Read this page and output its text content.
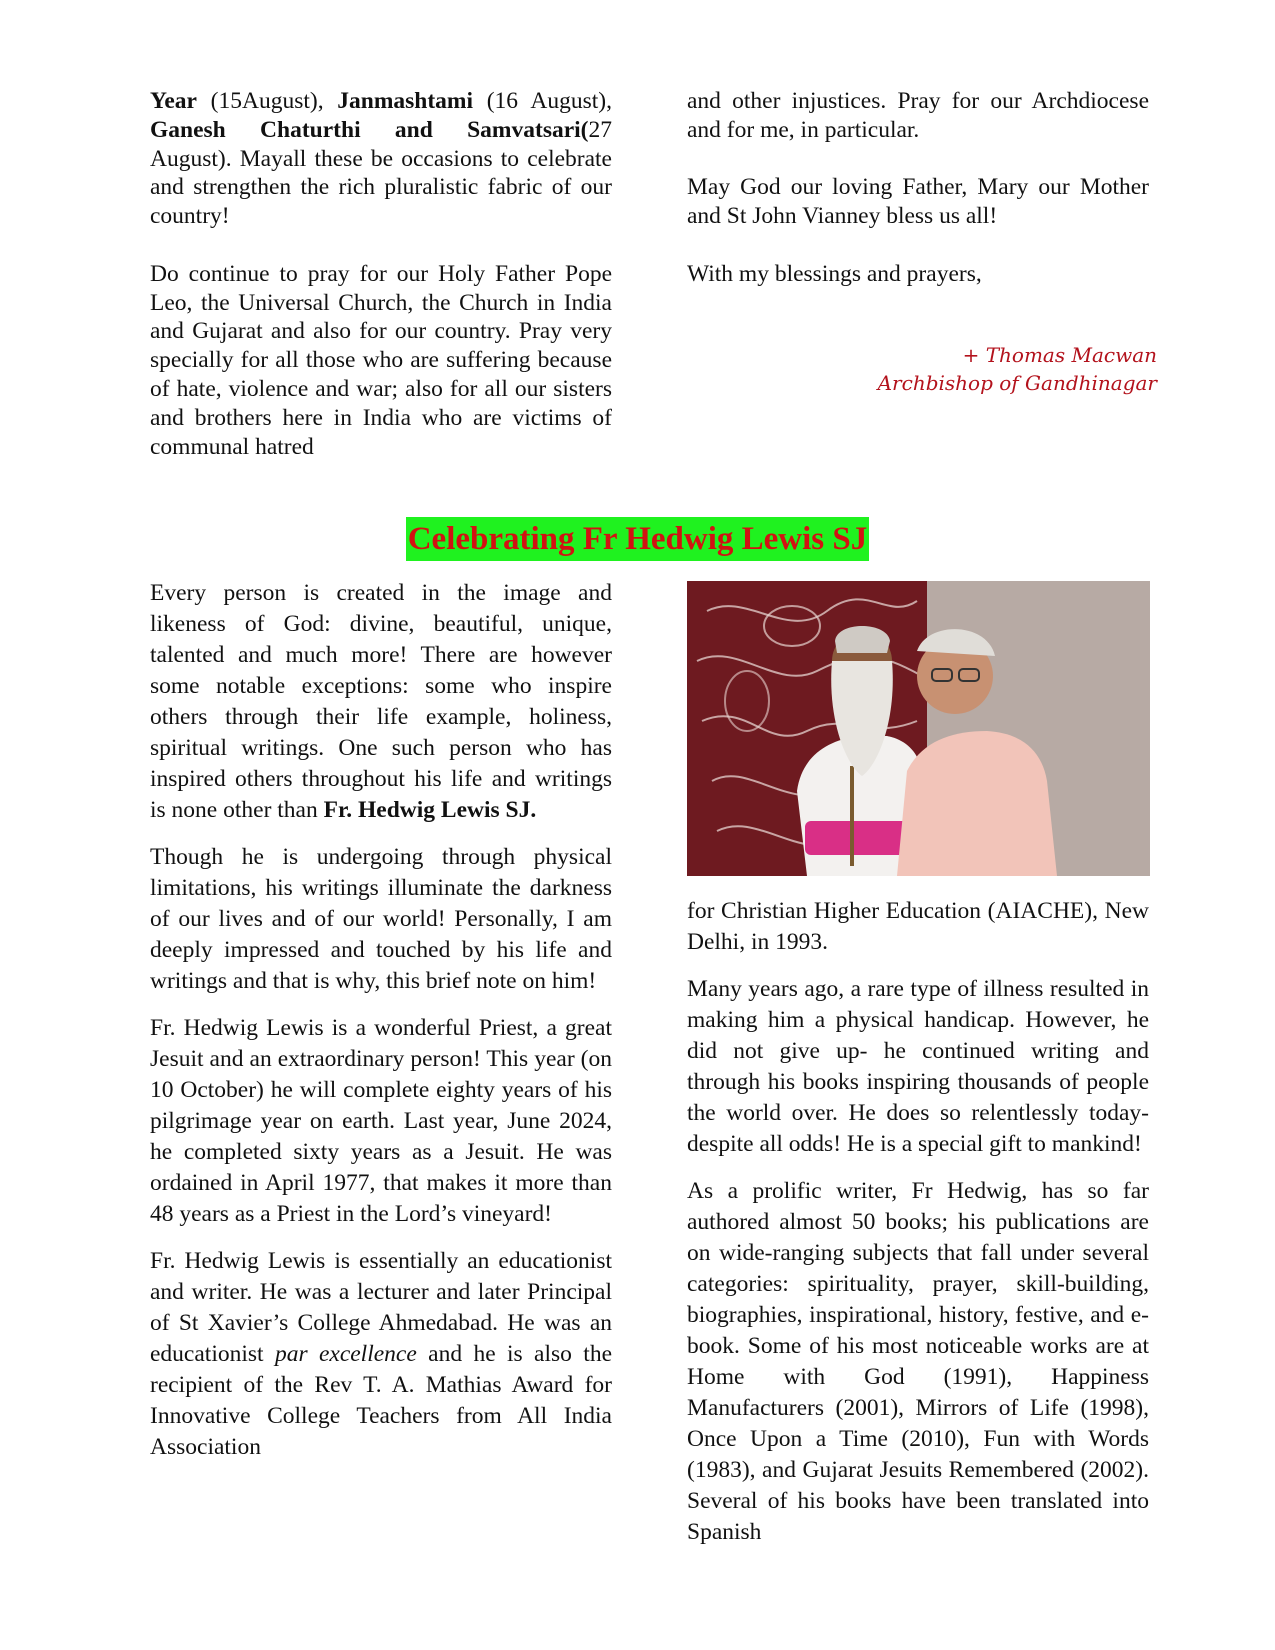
Year (15August), Janmashtami (16 August), Ganesh Chaturthi and Samvatsari(27 August). Mayall these be occasions to celebrate and strengthen the rich pluralistic fabric of our country!

Do continue to pray for our Holy Father Pope Leo, the Universal Church, the Church in India and Gujarat and also for our country. Pray very specially for all those who are suffering because of hate, violence and war; also for all our sisters and brothers here in India who are victims of communal hatred

and other injustices. Pray for our Archdiocese and for me, in particular.

May God our loving Father, Mary our Mother and St John Vianney bless us all!

With my blessings and prayers,

+ Thomas Macwan
Archbishop of Gandhinagar
Celebrating Fr Hedwig Lewis SJ

Every person is created in the image and likeness of God: divine, beautiful, unique, talented and much more! There are however some notable exceptions: some who inspire others through their life example, holiness, spiritual writings. One such person who has inspired others throughout his life and writings is none other than Fr. Hedwig Lewis SJ.

Though he is undergoing through physical limitations, his writings illuminate the darkness of our lives and of our world! Personally, I am deeply impressed and touched by his life and writings and that is why, this brief note on him!

Fr. Hedwig Lewis is a wonderful Priest, a great Jesuit and an extraordinary person! This year (on 10 October) he will complete eighty years of his pilgrimage year on earth. Last year, June 2024, he completed sixty years as a Jesuit. He was ordained in April 1977, that makes it more than 48 years as a Priest in the Lord’s vineyard!

Fr. Hedwig Lewis is essentially an educationist and writer. He was a lecturer and later Principal of St Xavier’s College Ahmedabad. He was an educationist par excellence and he is also the recipient of the Rev T. A. Mathias Award for Innovative College Teachers from All India Association

for Christian Higher Education (AIACHE), New Delhi, in 1993.

Many years ago, a rare type of illness resulted in making him a physical handicap. However, he did not give up- he continued writing and through his books inspiring thousands of people the world over. He does so relentlessly today- despite all odds! He is a special gift to mankind!

As a prolific writer, Fr Hedwig, has so far authored almost 50 books; his publications are on wide-ranging subjects that fall under several categories: spirituality, prayer, skill-building, biographies, inspirational, history, festive, and e-book. Some of his most noticeable works are at Home with God (1991), Happiness Manufacturers (2001), Mirrors of Life (1998), Once Upon a Time (2010), Fun with Words (1983), and Gujarat Jesuits Remembered (2002). Several of his books have been translated into Spanish
